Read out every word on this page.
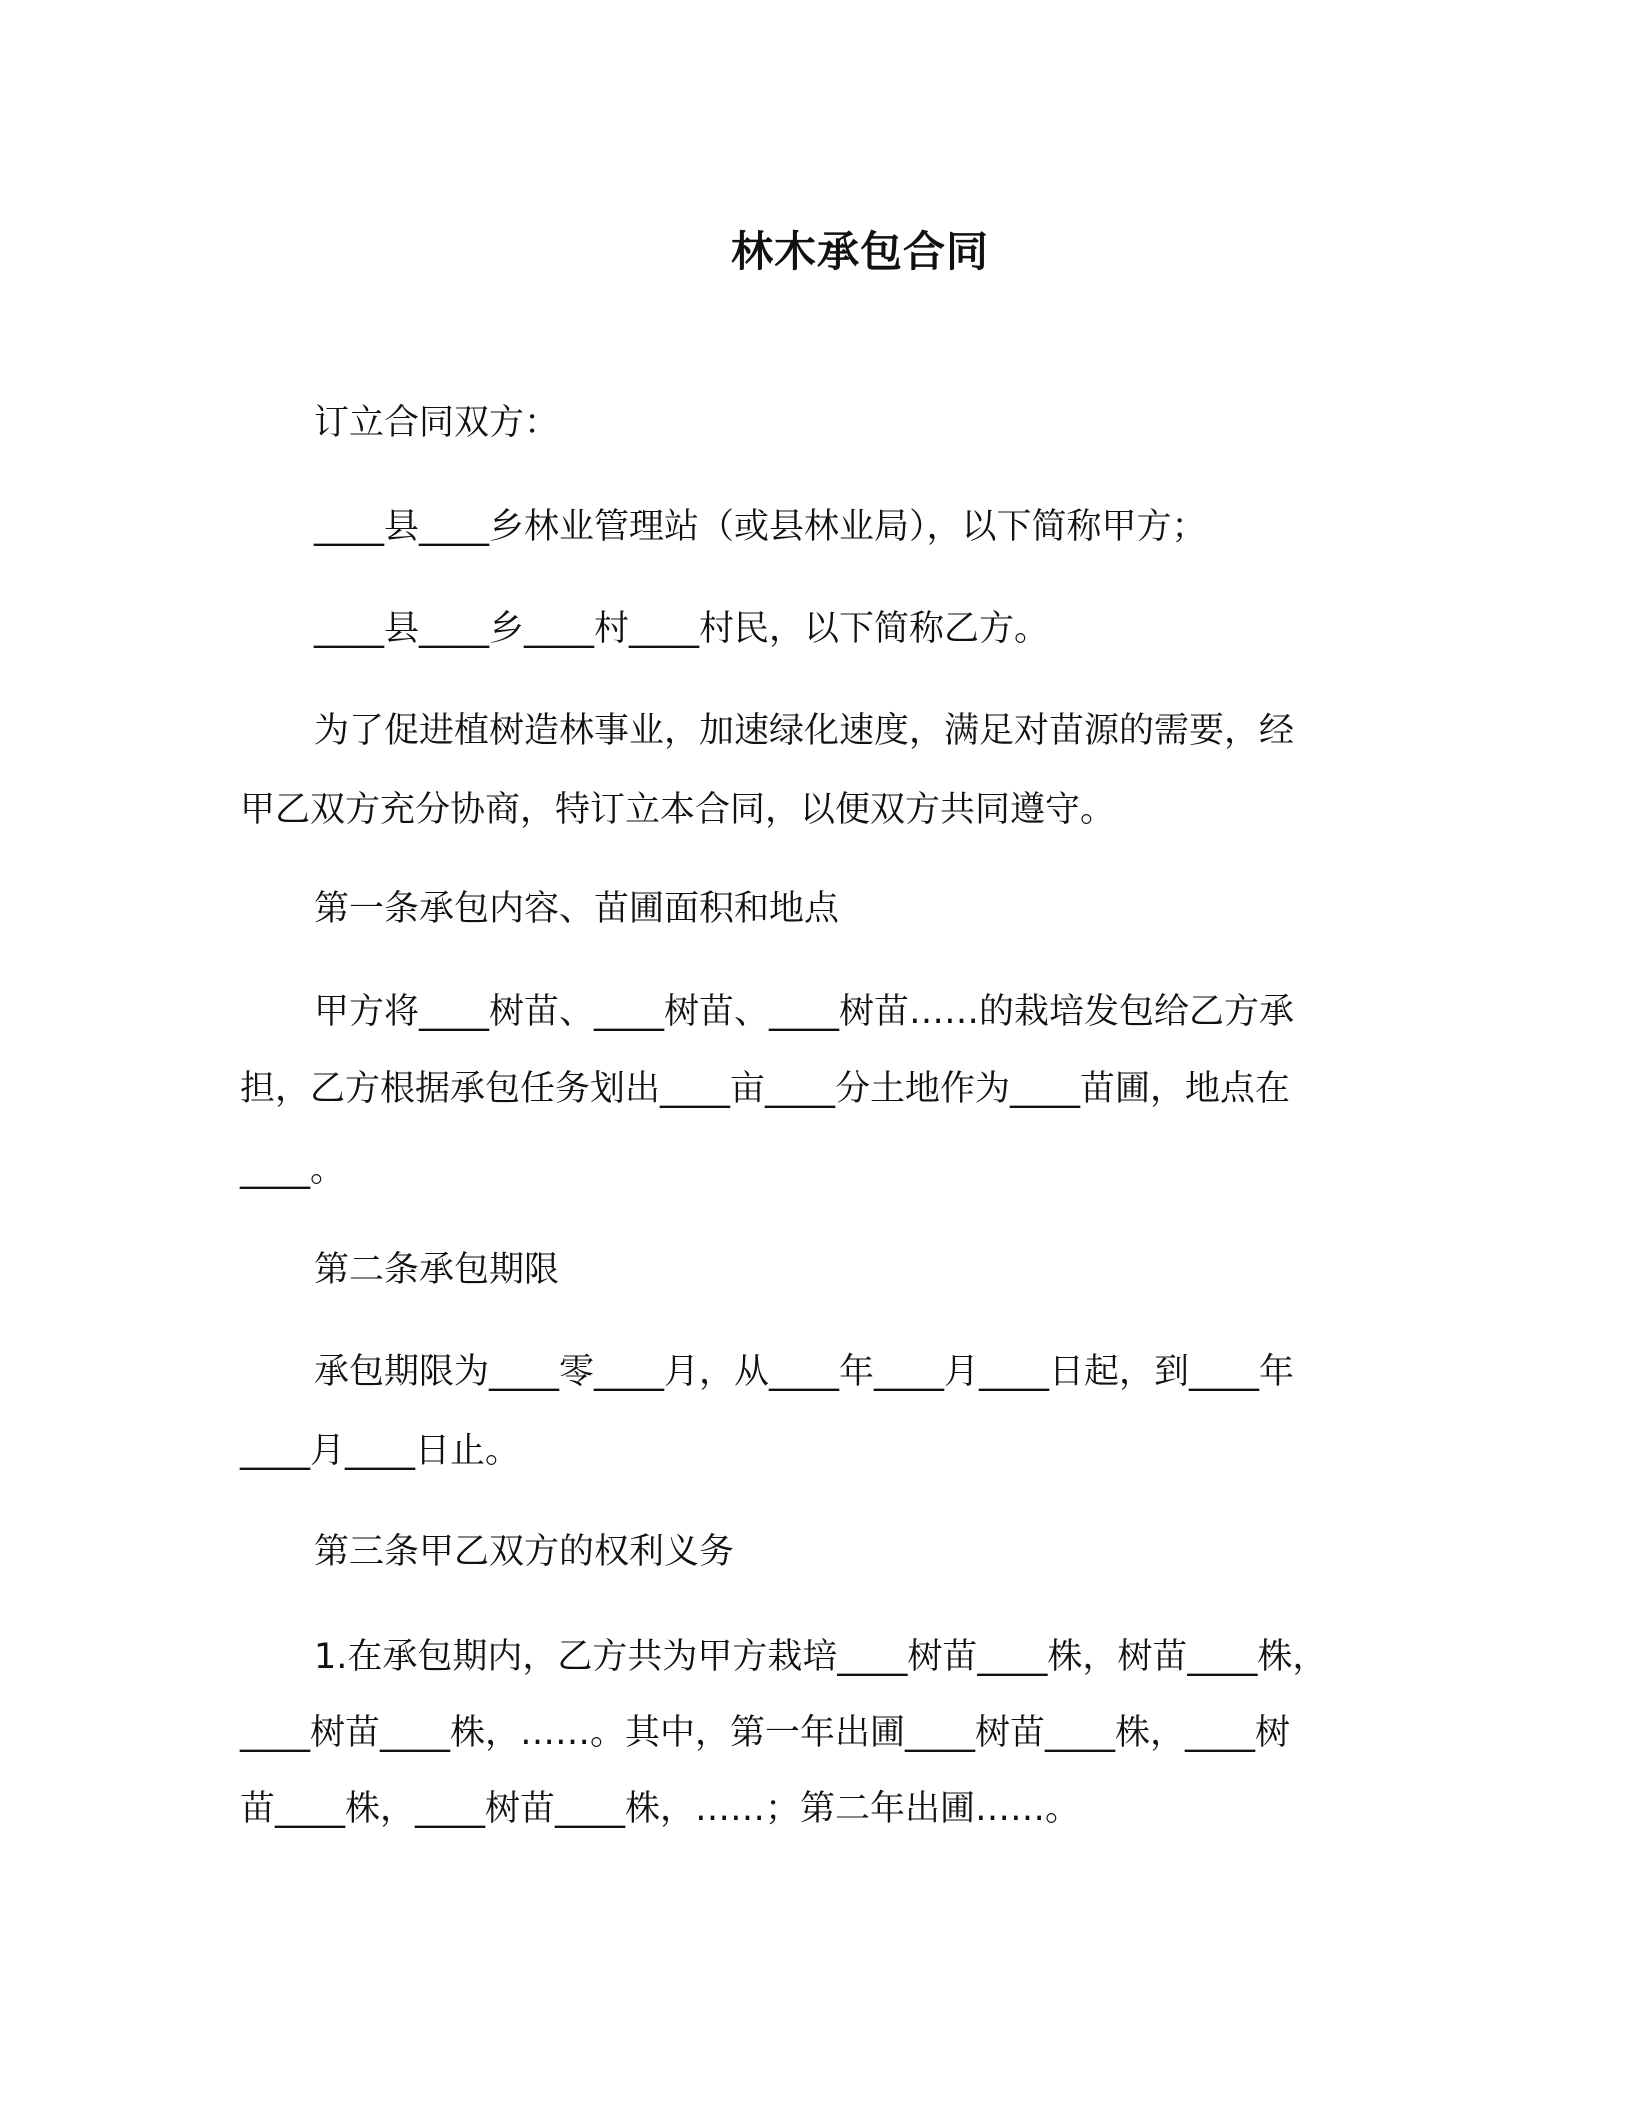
林木承包合同
订立合同双方：
____县____乡林业管理站（或县林业局），以下简称甲方；
____县____乡____村____村民，以下简称乙方。
为了促进植树造林事业，加速绿化速度，满足对苗源的需要，经
甲乙双方充分协商，特订立本合同，以便双方共同遵守。
第一条承包内容、苗圃面积和地点
甲方将____树苗、____树苗、____树苗……的栽培发包给乙方承
担，乙方根据承包任务划出____亩____分土地作为____苗圃，地点在
____。
第二条承包期限
承包期限为____零____月，从____年____月____日起，到____年
____月____日止。
第三条甲乙双方的权利义务
1.在承包期内，乙方共为甲方栽培____树苗____株，树苗____株，
____树苗____株，……。其中，第一年出圃____树苗____株，____树
苗____株，____树苗____株，……；第二年出圃……。
